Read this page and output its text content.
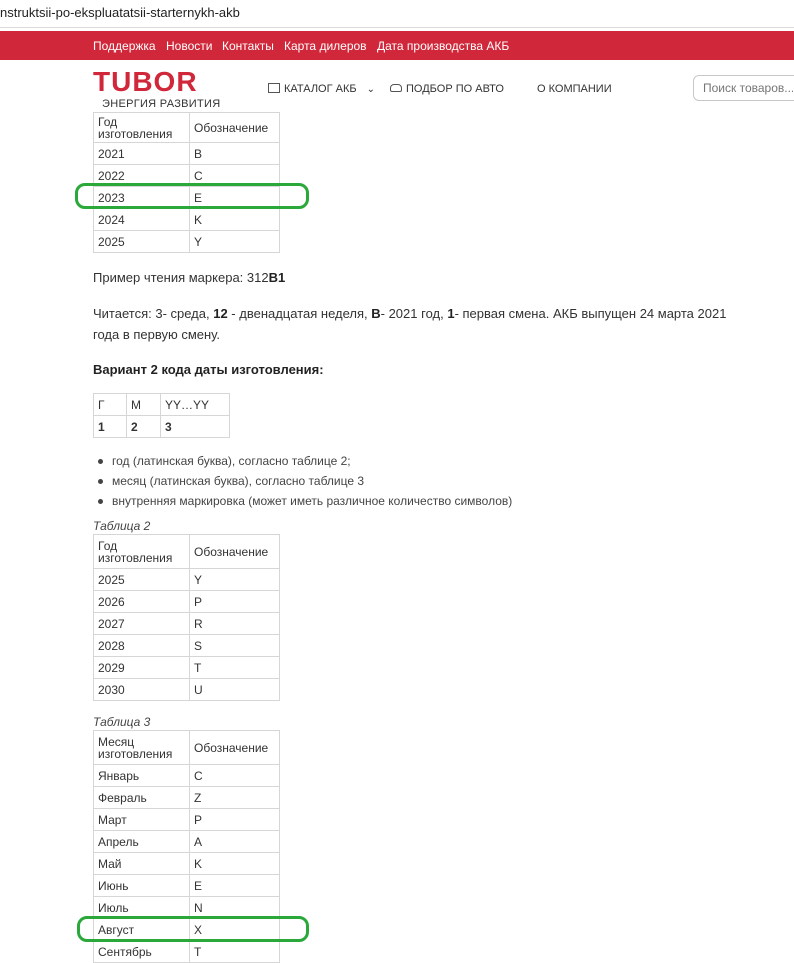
nstruktsii-po-ekspluatatsii-starternykh-akb
Поддержка Новости Контакты Карта дилеров Дата производства АКБ
TUBOR
ЭНЕРГИЯ РАЗВИТИЯ
КАТАЛОГ АКБ ⌄	ПОДБОР ПО АВТО	О КОМПАНИИ
Поиск товаров...
Год изготовления	Обозначение
2021	B
2022	C
2023	E
2024	K
2025	Y
Пример чтения маркера: 312B1
Читается: 3- среда, 12 - двенадцатая неделя, B- 2021 год, 1- первая смена. АКБ выпущен 24 марта 2021 года в первую смену.
Вариант 2 кода даты изготовления:
Г	М	YY…YY
1	2	3
год (латинская буква), согласно таблице 2;
месяц (латинская буква), согласно таблице 3
внутренняя маркировка (может иметь различное количество символов)
Таблица 2
Год изготовления	Обозначение
2025	Y
2026	P
2027	R
2028	S
2029	T
2030	U
Таблица 3
Месяц изготовления	Обозначение
Январь	C
Февраль	Z
Март	P
Апрель	A
Май	K
Июнь	E
Июль	N
Август	X
Сентябрь	T
